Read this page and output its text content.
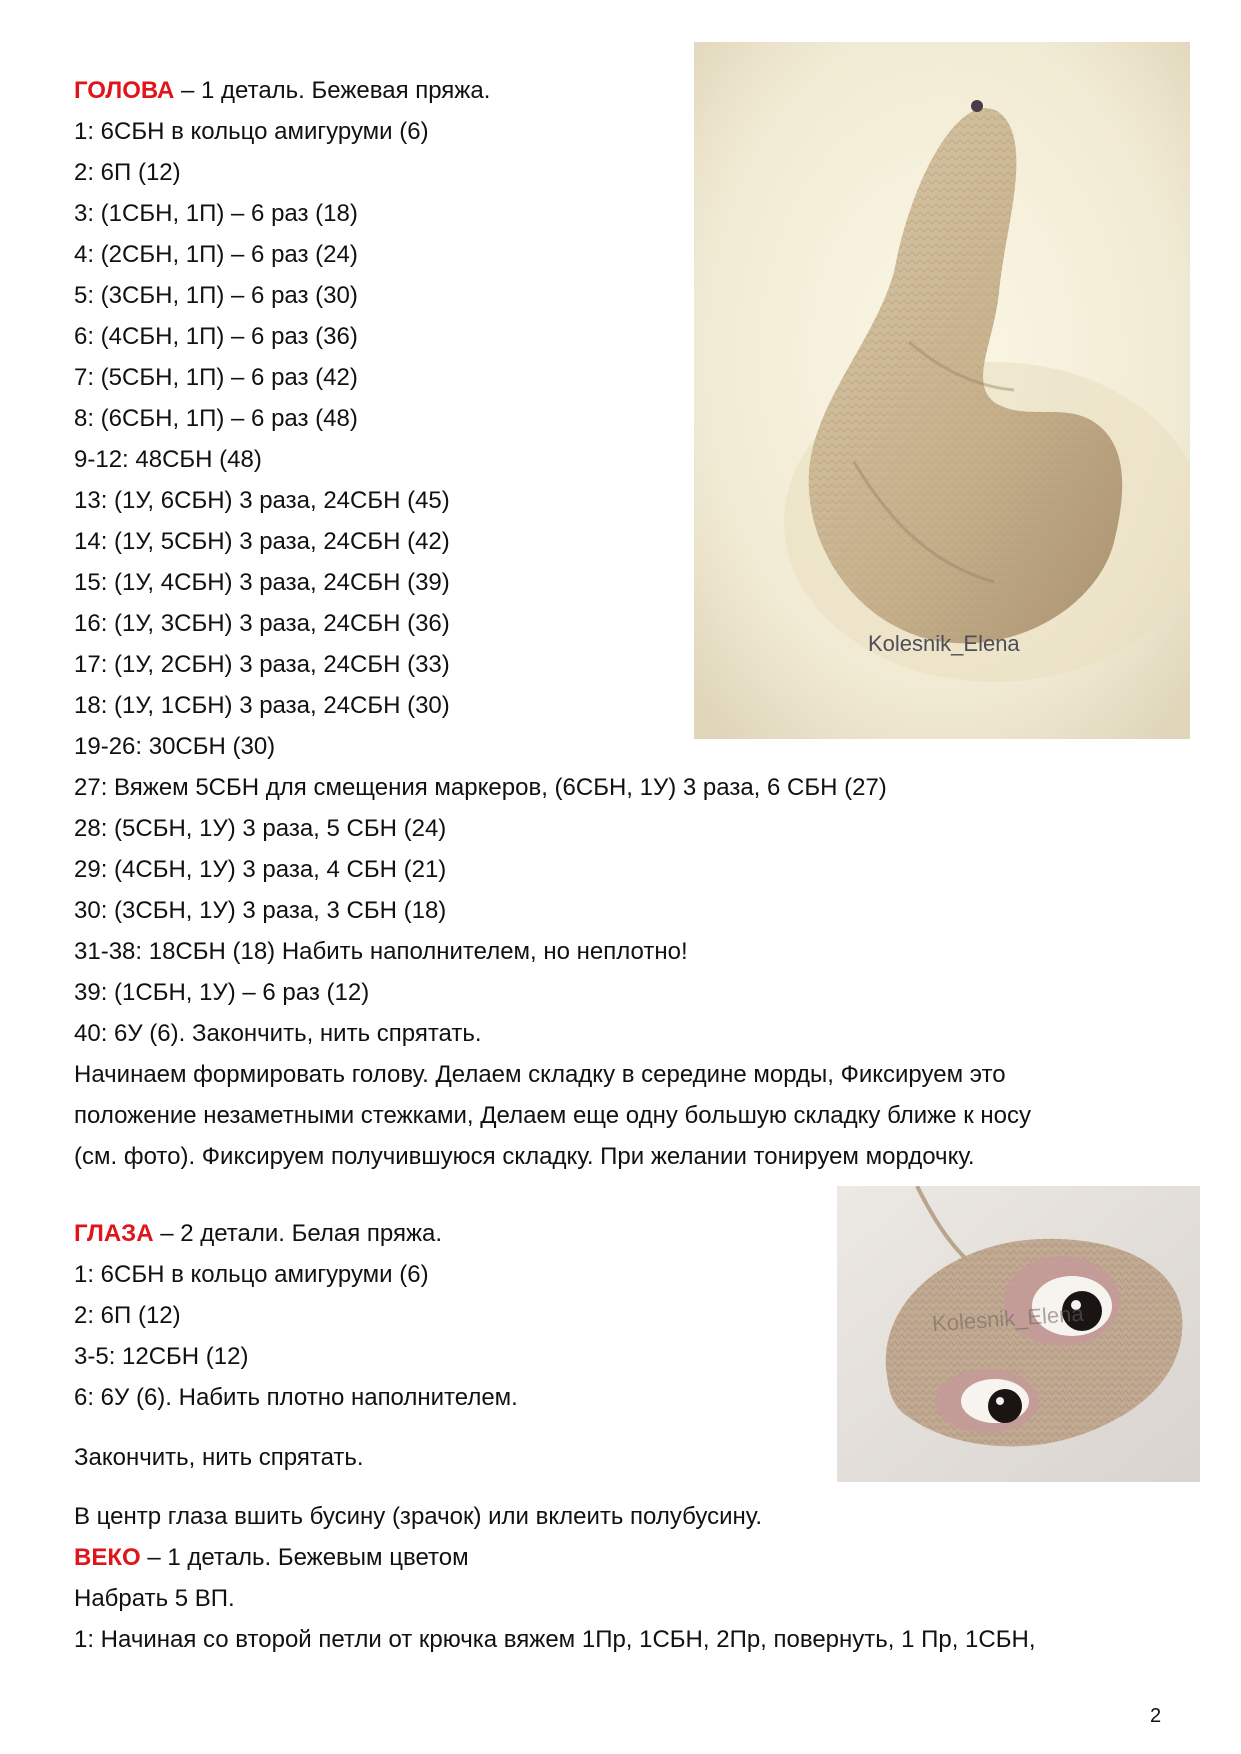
ГОЛОВА – 1 деталь. Бежевая пряжа.

1: 6СБН в кольцо амигуруми (6)

2: 6П (12)

3: (1СБН, 1П) – 6 раз (18)

4: (2СБН, 1П) – 6 раз (24)

5: (3СБН, 1П) – 6 раз (30)

6: (4СБН, 1П) – 6 раз (36)

7: (5СБН, 1П) – 6 раз (42)

8: (6СБН, 1П) – 6 раз (48)

9-12: 48СБН (48)

13: (1У, 6СБН) 3 раза, 24СБН (45)

14: (1У, 5СБН) 3 раза, 24СБН (42)

15: (1У, 4СБН) 3 раза, 24СБН (39)

16: (1У, 3СБН) 3 раза, 24СБН (36)

17: (1У, 2СБН) 3 раза, 24СБН (33)

18: (1У, 1СБН) 3 раза, 24СБН (30)

19-26: 30СБН (30)

27: Вяжем 5СБН для смещения маркеров, (6СБН, 1У) 3 раза, 6 СБН (27)

28: (5СБН, 1У) 3 раза, 5 СБН (24)

29: (4СБН, 1У) 3 раза, 4 СБН (21)

30: (3СБН, 1У) 3 раза, 3 СБН (18)

31-38: 18СБН (18) Набить наполнителем, но неплотно!

39: (1СБН, 1У) – 6 раз (12)

40: 6У (6). Закончить, нить спрятать.

Начинаем формировать голову. Делаем складку в середине морды, Фиксируем это

положение незаметными стежками, Делаем еще одну большую складку ближе к носу

(см. фото). Фиксируем получившуюся складку. При желании тонируем мордочку.

Kolesnik_Elena

ГЛАЗА – 2 детали. Белая пряжа.

1: 6СБН в кольцо амигуруми (6)

2: 6П (12)

3-5: 12СБН (12)

6: 6У (6). Набить плотно наполнителем.

Закончить, нить спрятать.

В центр глаза вшить бусину (зрачок) или вклеить полубусину.

Kolesnik_Elena

ВЕКО – 1 деталь. Бежевым цветом

Набрать 5 ВП.

1: Начиная со второй петли от крючка вяжем 1Пр, 1СБН, 2Пр, повернуть, 1 Пр, 1СБН,

2
